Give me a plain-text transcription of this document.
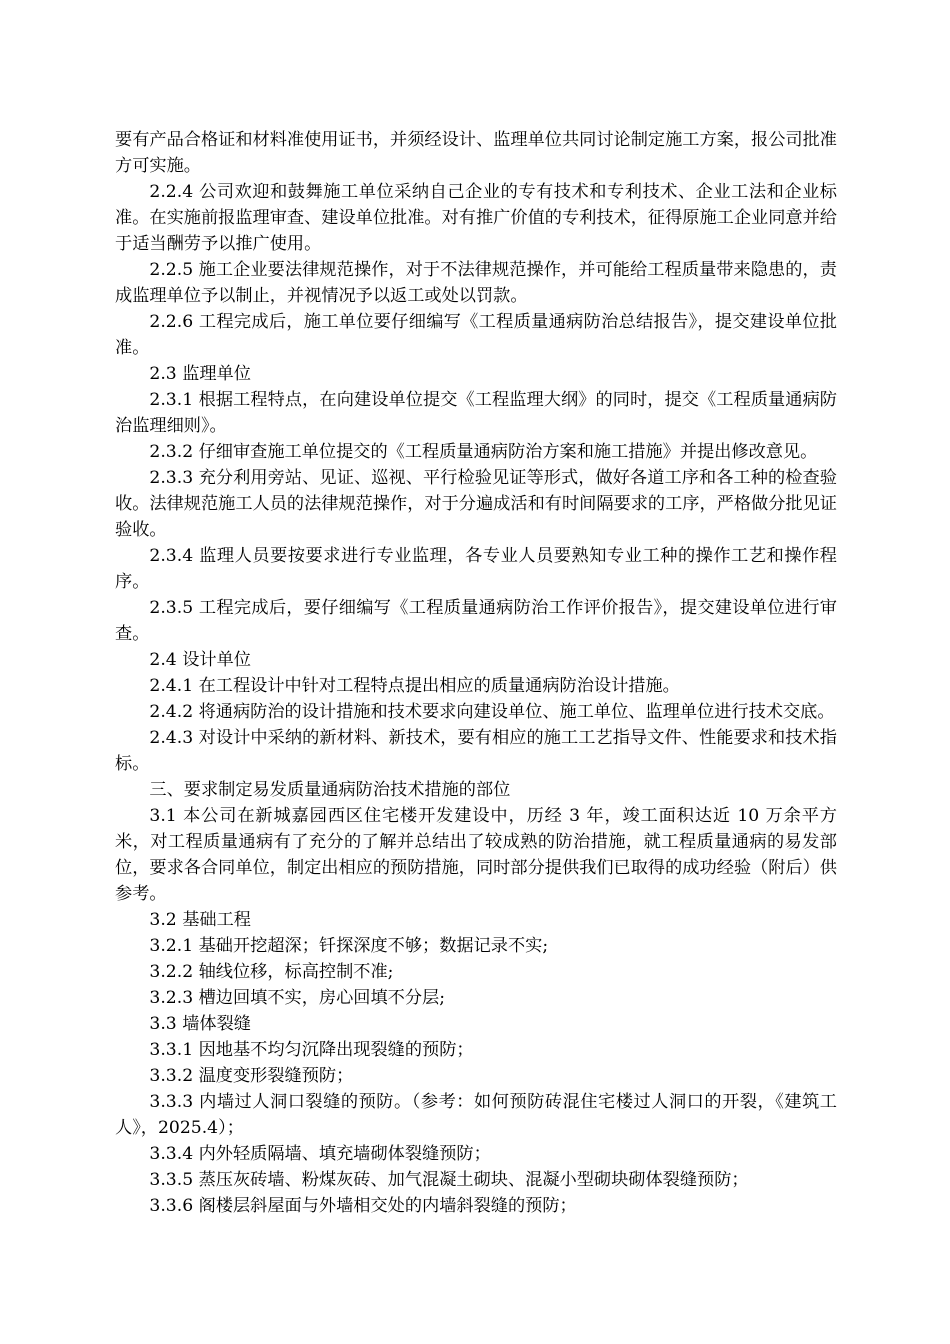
要有产品合格证和材料准使用证书，并须经设计、监理单位共同讨论制定施工方案，报公司批准方可实施。

2.2.4 公司欢迎和鼓舞施工单位采纳自己企业的专有技术和专利技术、企业工法和企业标准。在实施前报监理审查、建设单位批准。对有推广价值的专利技术，征得原施工企业同意并给于适当酬劳予以推广使用。

2.2.5 施工企业要法律规范操作，对于不法律规范操作，并可能给工程质量带来隐患的，责成监理单位予以制止，并视情况予以返工或处以罚款。

2.2.6 工程完成后，施工单位要仔细编写《工程质量通病防治总结报告》，提交建设单位批准。

2.3 监理单位

2.3.1 根据工程特点，在向建设单位提交《工程监理大纲》的同时，提交《工程质量通病防治监理细则》。

2.3.2 仔细审查施工单位提交的《工程质量通病防治方案和施工措施》并提出修改意见。

2.3.3 充分利用旁站、见证、巡视、平行检验见证等形式，做好各道工序和各工种的检查验收。法律规范施工人员的法律规范操作，对于分遍成活和有时间隔要求的工序，严格做分批见证验收。

2.3.4 监理人员要按要求进行专业监理，各专业人员要熟知专业工种的操作工艺和操作程序。

2.3.5 工程完成后，要仔细编写《工程质量通病防治工作评价报告》，提交建设单位进行审查。

2.4 设计单位

2.4.1 在工程设计中针对工程特点提出相应的质量通病防治设计措施。

2.4.2 将通病防治的设计措施和技术要求向建设单位、施工单位、监理单位进行技术交底。

2.4.3 对设计中采纳的新材料、新技术，要有相应的施工工艺指导文件、性能要求和技术指标。

三、要求制定易发质量通病防治技术措施的部位

3.1 本公司在新城嘉园西区住宅楼开发建设中，历经 3 年，竣工面积达近 10 万余平方米，对工程质量通病有了充分的了解并总结出了较成熟的防治措施，就工程质量通病的易发部位，要求各合同单位，制定出相应的预防措施，同时部分提供我们已取得的成功经验（附后）供参考。

3.2 基础工程

3.2.1 基础开挖超深；钎探深度不够；数据记录不实;

3.2.2 轴线位移，标高控制不准;

3.2.3 槽边回填不实，房心回填不分层;

3.3 墙体裂缝

3.3.1 因地基不均匀沉降出现裂缝的预防；

3.3.2 温度变形裂缝预防；

3.3.3 内墙过人洞口裂缝的预防。（参考：如何预防砖混住宅楼过人洞口的开裂，《建筑工人》，2025.4）；

3.3.4 内外轻质隔墙、填充墙砌体裂缝预防；

3.3.5 蒸压灰砖墙、粉煤灰砖、加气混凝土砌块、混凝小型砌块砌体裂缝预防；

3.3.6 阁楼层斜屋面与外墙相交处的内墙斜裂缝的预防；
